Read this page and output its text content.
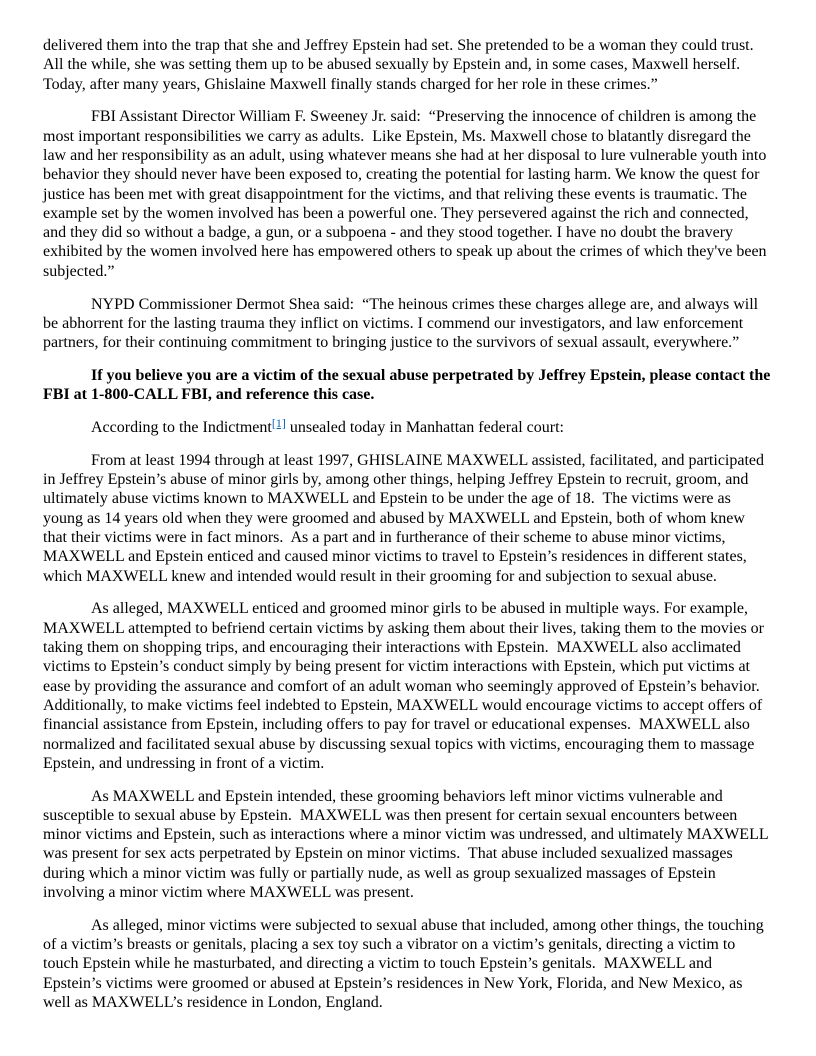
delivered them into the trap that she and Jeffrey Epstein had set. She pretended to be a woman they could trust. All the while, she was setting them up to be abused sexually by Epstein and, in some cases, Maxwell herself. Today, after many years, Ghislaine Maxwell finally stands charged for her role in these crimes.”

FBI Assistant Director William F. Sweeney Jr. said:  “Preserving the innocence of children is among the most important responsibilities we carry as adults.  Like Epstein, Ms. Maxwell chose to blatantly disregard the law and her responsibility as an adult, using whatever means she had at her disposal to lure vulnerable youth into behavior they should never have been exposed to, creating the potential for lasting harm. We know the quest for justice has been met with great disappointment for the victims, and that reliving these events is traumatic. The example set by the women involved has been a powerful one. They persevered against the rich and connected, and they did so without a badge, a gun, or a subpoena - and they stood together. I have no doubt the bravery exhibited by the women involved here has empowered others to speak up about the crimes of which they've been subjected.”

NYPD Commissioner Dermot Shea said:  “The heinous crimes these charges allege are, and always will be abhorrent for the lasting trauma they inflict on victims. I commend our investigators, and law enforcement partners, for their continuing commitment to bringing justice to the survivors of sexual assault, everywhere.”

If you believe you are a victim of the sexual abuse perpetrated by Jeffrey Epstein, please contact the FBI at 1-800-CALL FBI, and reference this case.

According to the Indictment[1] unsealed today in Manhattan federal court:

From at least 1994 through at least 1997, GHISLAINE MAXWELL assisted, facilitated, and participated in Jeffrey Epstein’s abuse of minor girls by, among other things, helping Jeffrey Epstein to recruit, groom, and ultimately abuse victims known to MAXWELL and Epstein to be under the age of 18.  The victims were as young as 14 years old when they were groomed and abused by MAXWELL and Epstein, both of whom knew that their victims were in fact minors.  As a part and in furtherance of their scheme to abuse minor victims, MAXWELL and Epstein enticed and caused minor victims to travel to Epstein’s residences in different states, which MAXWELL knew and intended would result in their grooming for and subjection to sexual abuse.

As alleged, MAXWELL enticed and groomed minor girls to be abused in multiple ways. For example, MAXWELL attempted to befriend certain victims by asking them about their lives, taking them to the movies or taking them on shopping trips, and encouraging their interactions with Epstein.  MAXWELL also acclimated victims to Epstein’s conduct simply by being present for victim interactions with Epstein, which put victims at ease by providing the assurance and comfort of an adult woman who seemingly approved of Epstein’s behavior. Additionally, to make victims feel indebted to Epstein, MAXWELL would encourage victims to accept offers of financial assistance from Epstein, including offers to pay for travel or educational expenses.  MAXWELL also normalized and facilitated sexual abuse by discussing sexual topics with victims, encouraging them to massage Epstein, and undressing in front of a victim.

As MAXWELL and Epstein intended, these grooming behaviors left minor victims vulnerable and susceptible to sexual abuse by Epstein.  MAXWELL was then present for certain sexual encounters between minor victims and Epstein, such as interactions where a minor victim was undressed, and ultimately MAXWELL was present for sex acts perpetrated by Epstein on minor victims.  That abuse included sexualized massages during which a minor victim was fully or partially nude, as well as group sexualized massages of Epstein involving a minor victim where MAXWELL was present.

As alleged, minor victims were subjected to sexual abuse that included, among other things, the touching of a victim’s breasts or genitals, placing a sex toy such a vibrator on a victim’s genitals, directing a victim to touch Epstein while he masturbated, and directing a victim to touch Epstein’s genitals.  MAXWELL and Epstein’s victims were groomed or abused at Epstein’s residences in New York, Florida, and New Mexico, as well as MAXWELL’s residence in London, England.
